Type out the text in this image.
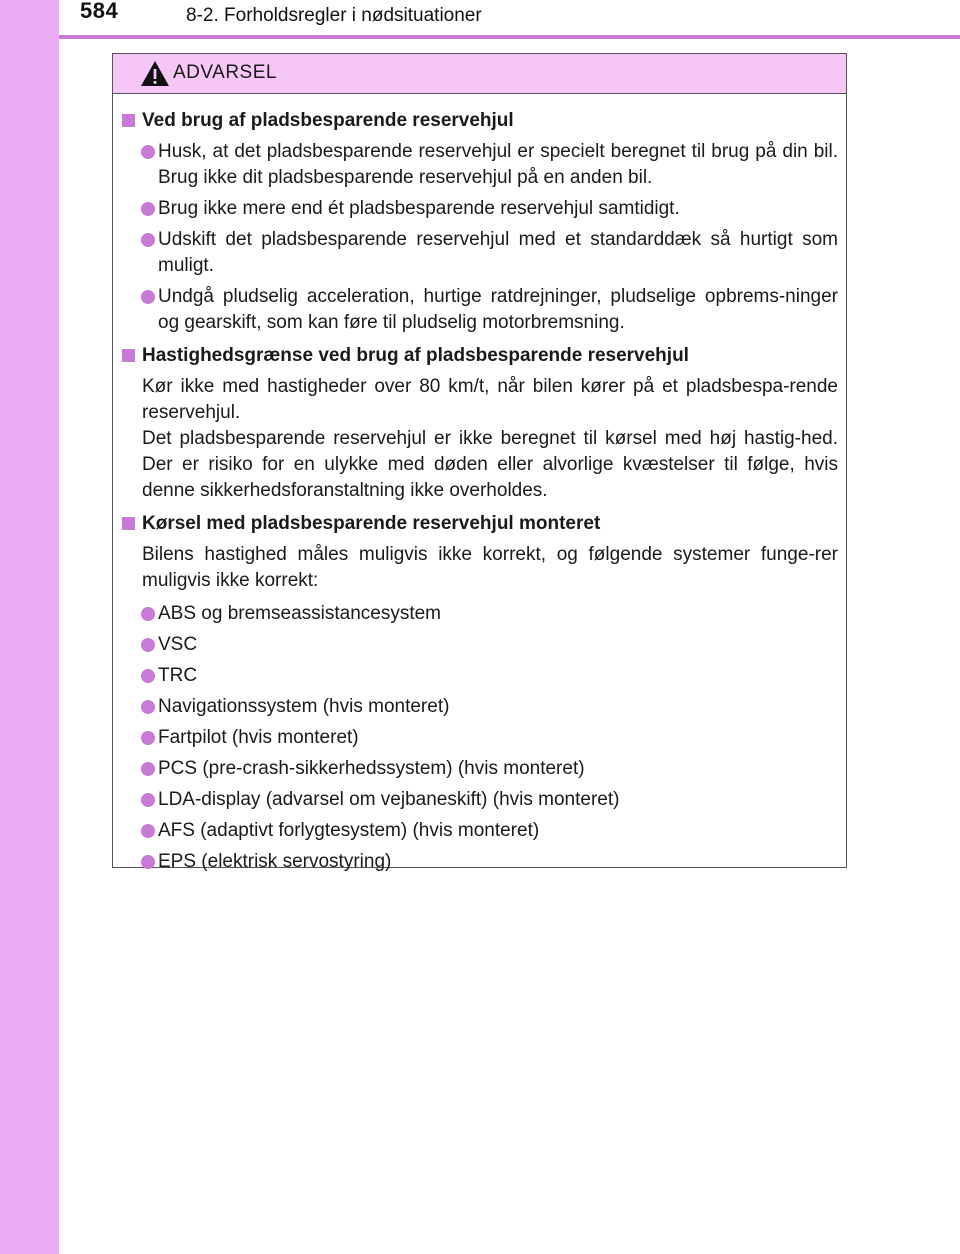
584	8-2. Forholdsregler i nødsituationer
ADVARSEL
Ved brug af pladsbesparende reservehjul
Husk, at det pladsbesparende reservehjul er specielt beregnet til brug på din bil. Brug ikke dit pladsbesparende reservehjul på en anden bil.
Brug ikke mere end ét pladsbesparende reservehjul samtidigt.
Udskift det pladsbesparende reservehjul med et standarddæk så hurtigt som muligt.
Undgå pludselig acceleration, hurtige ratdrejninger, pludselige opbrems-ninger og gearskift, som kan føre til pludselig motorbremsning.
Hastighedsgrænse ved brug af pladsbesparende reservehjul
Kør ikke med hastigheder over 80 km/t, når bilen kører på et pladsbespa-rende reservehjul.
Det pladsbesparende reservehjul er ikke beregnet til kørsel med høj hastig-hed. Der er risiko for en ulykke med døden eller alvorlige kvæstelser til følge, hvis denne sikkerhedsforanstaltning ikke overholdes.
Kørsel med pladsbesparende reservehjul monteret
Bilens hastighed måles muligvis ikke korrekt, og følgende systemer funge-rer muligvis ikke korrekt:
ABS og bremseassistancesystem
VSC
TRC
Navigationssystem (hvis monteret)
Fartpilot (hvis monteret)
PCS (pre-crash-sikkerhedssystem) (hvis monteret)
LDA-display (advarsel om vejbaneskift) (hvis monteret)
AFS (adaptivt forlygtesystem) (hvis monteret)
EPS (elektrisk servostyring)
